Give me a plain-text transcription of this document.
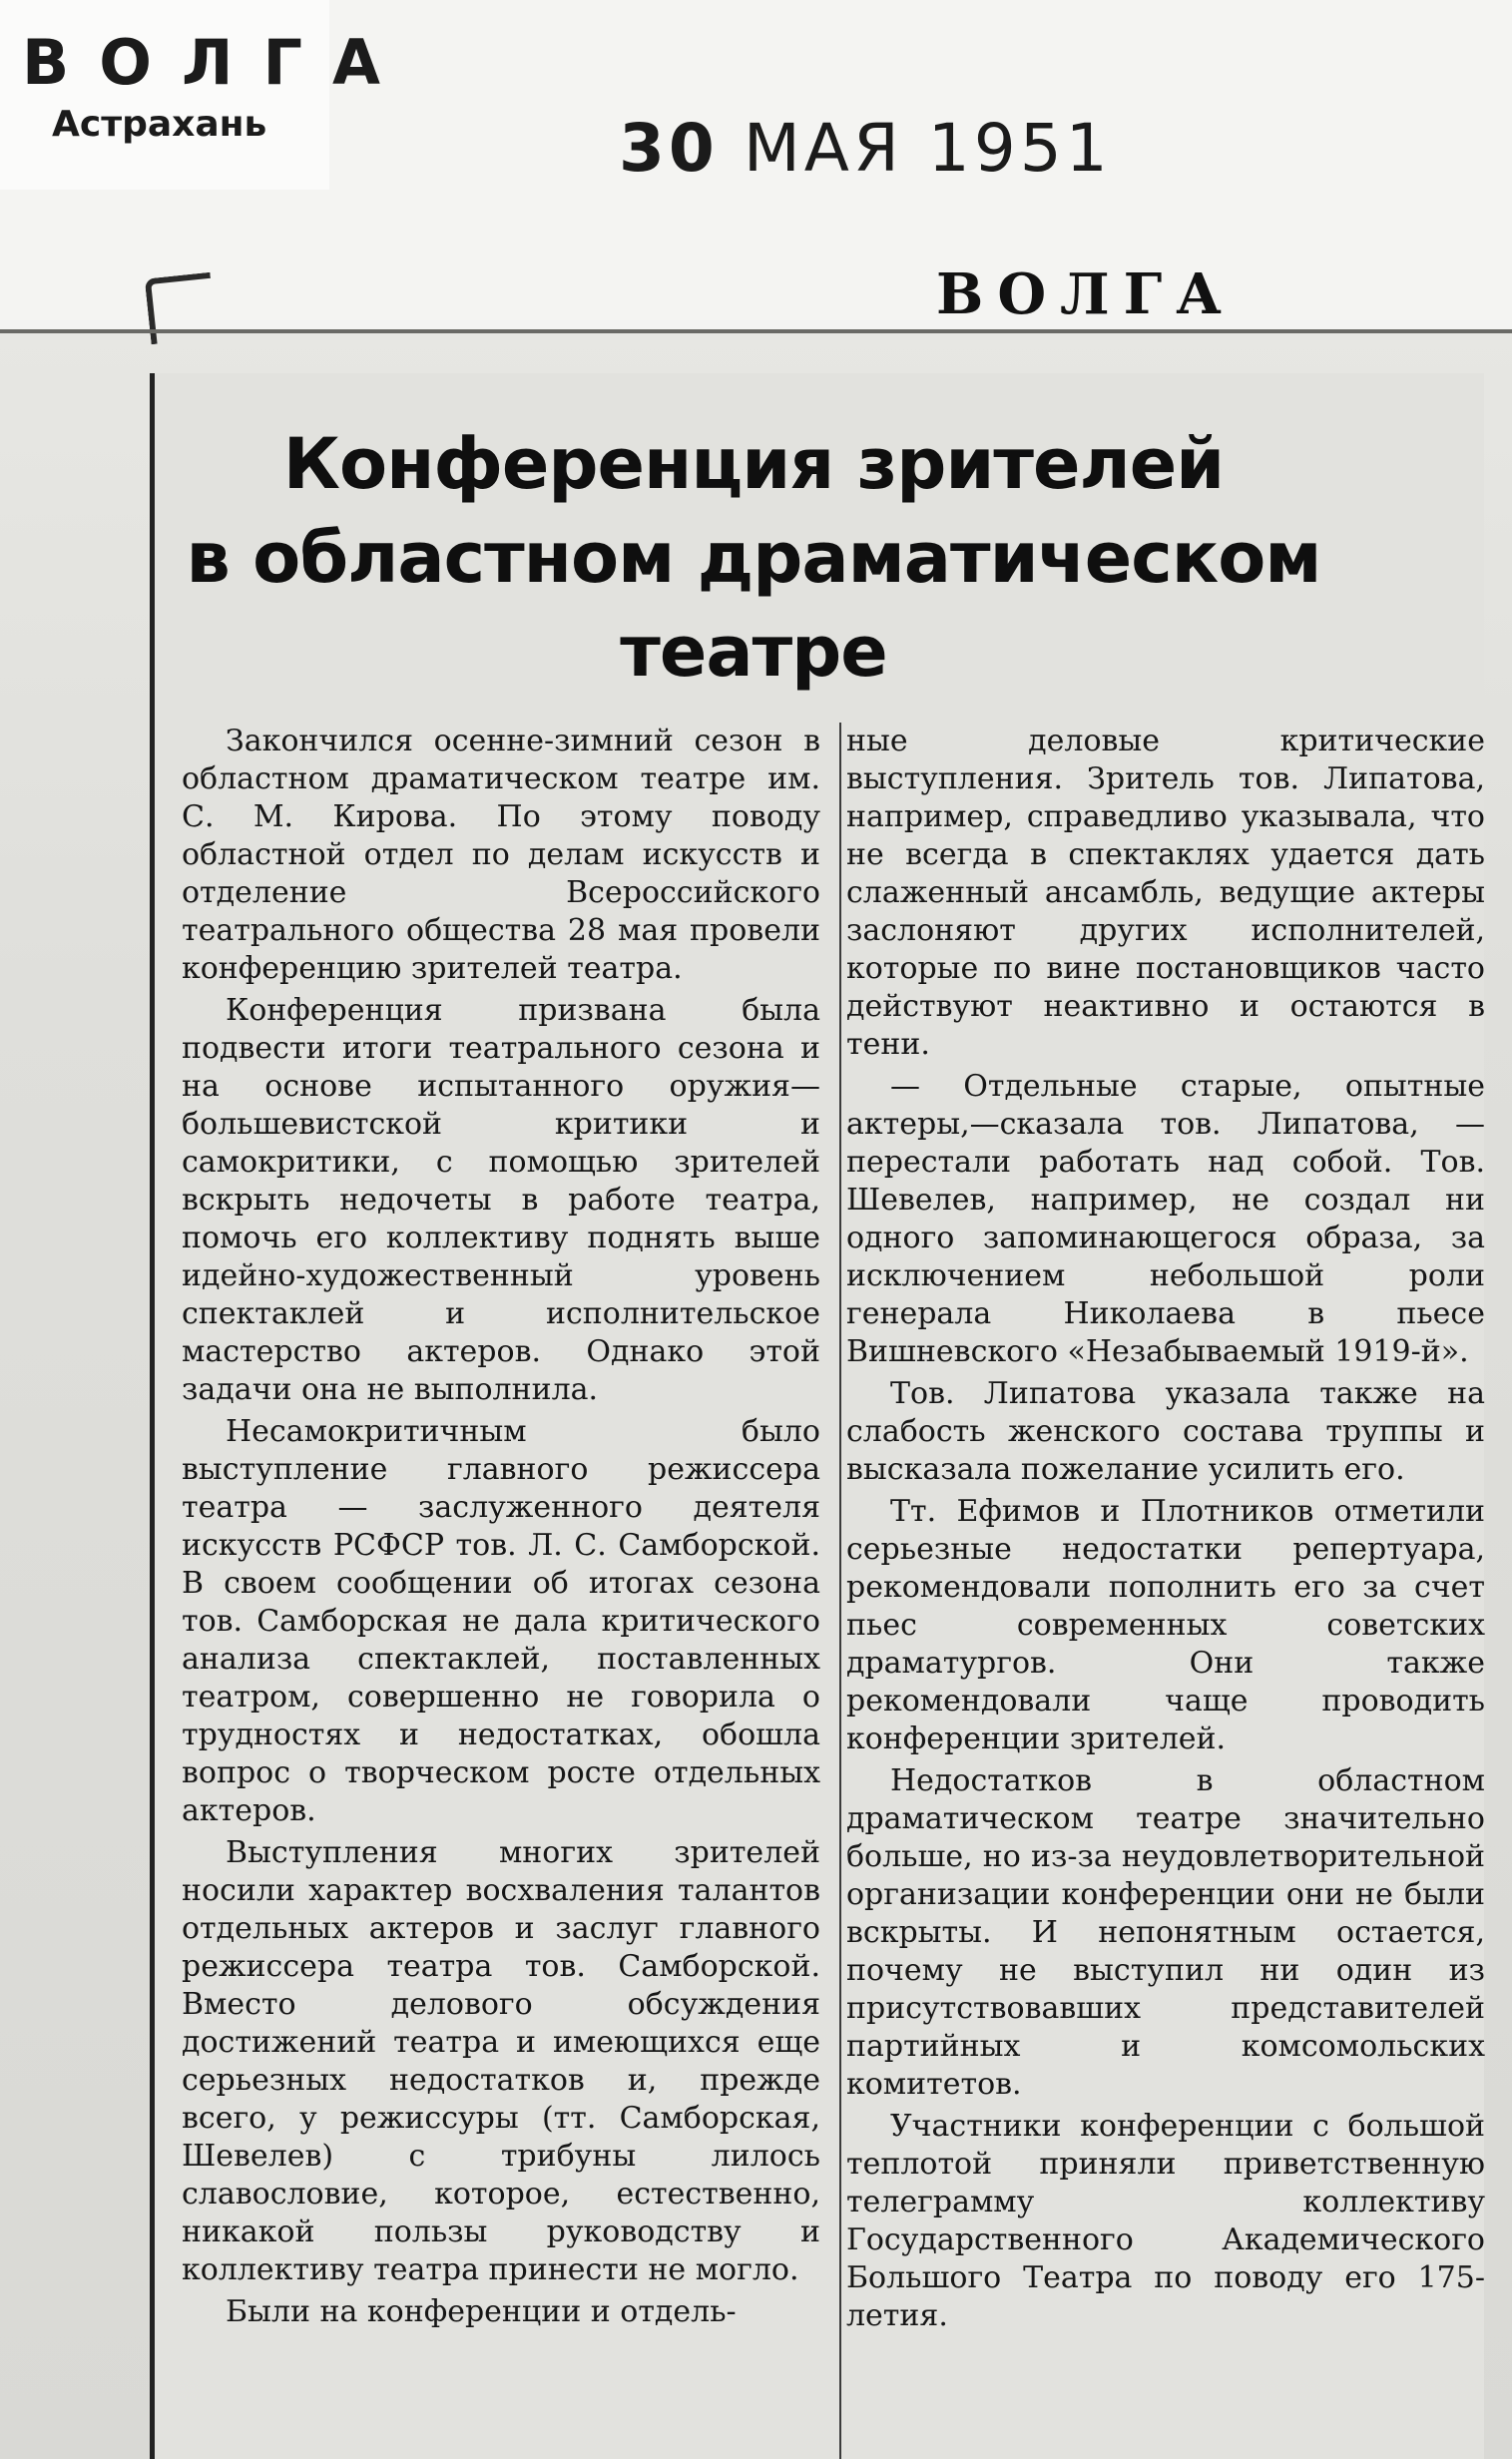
ВОЛГА
Астрахань	30 МАЯ 1951
ВОЛГА
Конференция зрителей
в областном драматическом
театре

Закончился осенне-зимний сезон в областном драматическом театре им. С. М. Кирова. По этому поводу областной отдел по делам искусств и отделение Всероссийского театрального общества 28 мая провели конференцию зрителей театра.

Конференция призвана была подвести итоги театрального сезона и на основе испытанного оружия—большевистской критики и самокритики, с помощью зрителей вскрыть недочеты в работе театра, помочь его коллективу поднять выше идейно-художественный уровень спектаклей и исполнительское мастерство актеров. Однако этой задачи она не выполнила.

Несамокритичным было выступление главного режиссера театра — заслуженного деятеля искусств РСФСР тов. Л. С. Самборской. В своем сообщении об итогах сезона тов. Самборская не дала критического анализа спектаклей, поставленных театром, совершенно не говорила о трудностях и недостатках, обошла вопрос о творческом росте отдельных актеров.

Выступления многих зрителей носили характер восхваления талантов отдельных актеров и заслуг главного режиссера театра тов. Самборской. Вместо делового обсуждения достижений театра и имеющихся еще серьезных недостатков и, прежде всего, у режиссуры (тт. Самборская, Шевелев) с трибуны лилось славословие, которое, естественно, никакой пользы руководству и коллективу театра принести не могло.

Были на конференции и отдель-

ные деловые критические выступления. Зритель тов. Липатова, например, справедливо указывала, что не всегда в спектаклях удается дать слаженный ансамбль, ведущие актеры заслоняют других исполнителей, которые по вине постановщиков часто действуют неактивно и остаются в тени.

— Отдельные старые, опытные актеры,—сказала тов. Липатова, — перестали работать над собой. Тов. Шевелев, например, не создал ни одного запоминающегося образа, за исключением небольшой роли генерала Николаева в пьесе Вишневского «Незабываемый 1919-й».

Тов. Липатова указала также на слабость женского состава труппы и высказала пожелание усилить его.

Тт. Ефимов и Плотников отметили серьезные недостатки репертуара, рекомендовали пополнить его за счет пьес современных советских драматургов. Они также рекомендовали чаще проводить конференции зрителей.

Недостатков в областном драматическом театре значительно больше, но из-за неудовлетворительной организации конференции они не были вскрыты. И непонятным остается, почему не выступил ни один из присутствовавших представителей партийных и комсомольских комитетов.

Участники конференции с большой теплотой приняли приветственную телеграмму коллективу Государственного Академического Большого Театра по поводу его 175-летия.
